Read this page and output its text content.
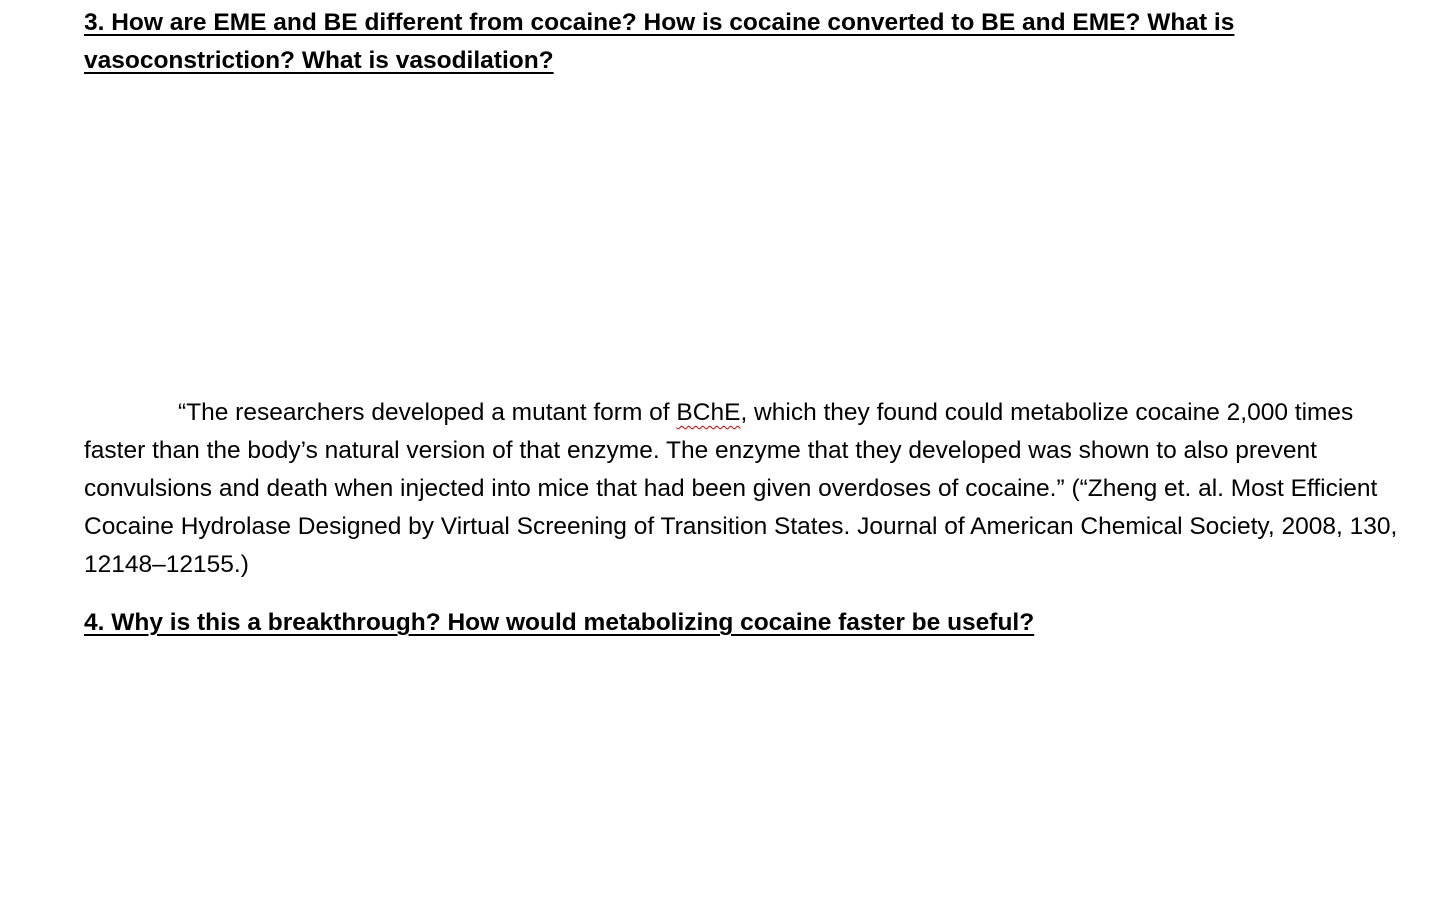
3. How are EME and BE different from cocaine? How is cocaine converted to BE and EME? What is vasoconstriction? What is vasodilation?

“The researchers developed a mutant form of BChE, which they found could metabolize cocaine 2,000 times faster than the body’s natural version of that enzyme. The enzyme that they developed was shown to also prevent convulsions and death when injected into mice that had been given overdoses of cocaine.” (“Zheng et. al. Most Efficient Cocaine Hydrolase Designed by Virtual Screening of Transition States. Journal of American Chemical Society, 2008, 130, 12148–12155.)

4. Why is this a breakthrough? How would metabolizing cocaine faster be useful?
